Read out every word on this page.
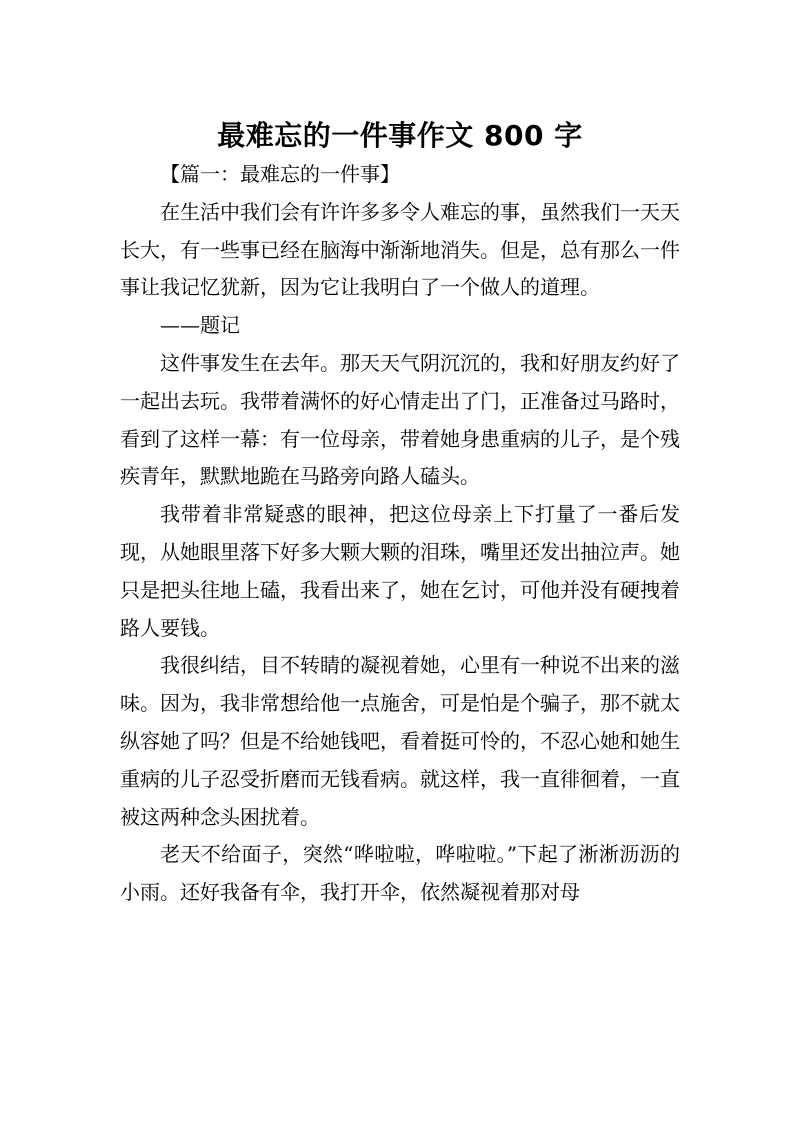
最难忘的一件事作文 800 字

【篇一：最难忘的一件事】

在生活中我们会有许许多多令人难忘的事，虽然我们一天天长大，有一些事已经在脑海中渐渐地消失。但是，总有那么一件事让我记忆犹新，因为它让我明白了一个做人的道理。

——题记

这件事发生在去年。那天天气阴沉沉的，我和好朋友约好了一起出去玩。我带着满怀的好心情走出了门，正准备过马路时，看到了这样一幕：有一位母亲，带着她身患重病的儿子，是个残疾青年，默默地跪在马路旁向路人磕头。

我带着非常疑惑的眼神，把这位母亲上下打量了一番后发现，从她眼里落下好多大颗大颗的泪珠，嘴里还发出抽泣声。她只是把头往地上磕，我看出来了，她在乞讨，可他并没有硬拽着路人要钱。

我很纠结，目不转睛的凝视着她，心里有一种说不出来的滋味。因为，我非常想给他一点施舍，可是怕是个骗子，那不就太纵容她了吗？但是不给她钱吧，看着挺可怜的，不忍心她和她生重病的儿子忍受折磨而无钱看病。就这样，我一直徘徊着，一直被这两种念头困扰着。

老天不给面子，突然“哗啦啦，哗啦啦。”下起了淅淅沥沥的小雨。还好我备有伞，我打开伞，依然凝视着那对母
